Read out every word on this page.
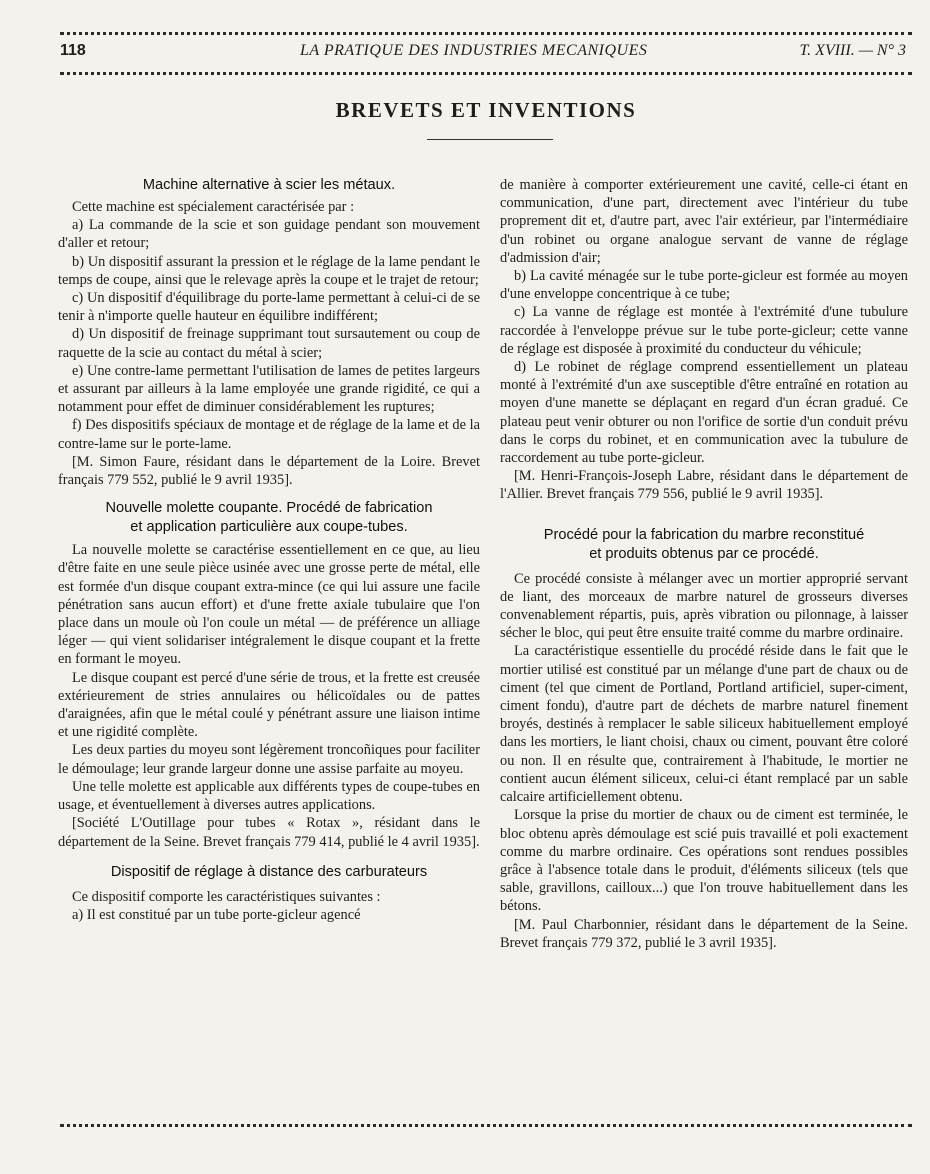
118	LA PRATIQUE DES INDUSTRIES MECANIQUES	T. XVIII. — N° 3
BREVETS ET INVENTIONS
Machine alternative à scier les métaux.

Cette machine est spécialement caractérisée par :

a) La commande de la scie et son guidage pendant son mouvement d'aller et retour;

b) Un dispositif assurant la pression et le réglage de la lame pendant le temps de coupe, ainsi que le relevage après la coupe et le trajet de retour;

c) Un dispositif d'équilibrage du porte-lame permettant à celui-ci de se tenir à n'importe quelle hauteur en équilibre indifférent;

d) Un dispositif de freinage supprimant tout sursautement ou coup de raquette de la scie au contact du métal à scier;

e) Une contre-lame permettant l'utilisation de lames de petites largeurs et assurant par ailleurs à la lame employée une grande rigidité, ce qui a notamment pour effet de diminuer considérablement les ruptures;

f) Des dispositifs spéciaux de montage et de réglage de la lame et de la contre-lame sur le porte-lame.

[M. Simon Faure, résidant dans le département de la Loire. Brevet français 779 552, publié le 9 avril 1935].

Nouvelle molette coupante. Procédé de fabrication
et application particulière aux coupe-tubes.

La nouvelle molette se caractérise essentiellement en ce que, au lieu d'être faite en une seule pièce usinée avec une grosse perte de métal, elle est formée d'un disque coupant extra-mince (ce qui lui assure une facile pénétration sans aucun effort) et d'une frette axiale tubulaire que l'on place dans un moule où l'on coule un métal — de préférence un alliage léger — qui vient solidariser intégralement le disque coupant et la frette en formant le moyeu.

Le disque coupant est percé d'une série de trous, et la frette est creusée extérieurement de stries annulaires ou hélicoïdales ou de pattes d'araignées, afin que le métal coulé y pénétrant assure une liaison intime et une rigidité complète.

Les deux parties du moyeu sont légèrement troncoñiques pour faciliter le démoulage; leur grande largeur donne une assise parfaite au moyeu.

Une telle molette est applicable aux différents types de coupe-tubes en usage, et éventuellement à diverses autres applications.

[Société L'Outillage pour tubes « Rotax », résidant dans le département de la Seine. Brevet français 779 414, publié le 4 avril 1935].

Dispositif de réglage à distance des carburateurs

Ce dispositif comporte les caractéristiques suivantes :

a) Il est constitué par un tube porte-gicleur agencé

de manière à comporter extérieurement une cavité, celle-ci étant en communication, d'une part, directement avec l'intérieur du tube proprement dit et, d'autre part, avec l'air extérieur, par l'intermédiaire d'un robinet ou organe analogue servant de vanne de réglage d'admission d'air;

b) La cavité ménagée sur le tube porte-gicleur est formée au moyen d'une enveloppe concentrique à ce tube;

c) La vanne de réglage est montée à l'extrémité d'une tubulure raccordée à l'enveloppe prévue sur le tube porte-gicleur; cette vanne de réglage est disposée à proximité du conducteur du véhicule;

d) Le robinet de réglage comprend essentiellement un plateau monté à l'extrémité d'un axe susceptible d'être entraîné en rotation au moyen d'une manette se déplaçant en regard d'un écran gradué. Ce plateau peut venir obturer ou non l'orifice de sortie d'un conduit prévu dans le corps du robinet, et en communication avec la tubulure de raccordement au tube porte-gicleur.

[M. Henri-François-Joseph Labre, résidant dans le département de l'Allier. Brevet français 779 556, publié le 9 avril 1935].

Procédé pour la fabrication du marbre reconstitué
et produits obtenus par ce procédé.

Ce procédé consiste à mélanger avec un mortier approprié servant de liant, des morceaux de marbre naturel de grosseurs diverses convenablement répartis, puis, après vibration ou pilonnage, à laisser sécher le bloc, qui peut être ensuite traité comme du marbre ordinaire.

La caractéristique essentielle du procédé réside dans le fait que le mortier utilisé est constitué par un mélange d'une part de chaux ou de ciment (tel que ciment de Portland, Portland artificiel, super-ciment, ciment fondu), d'autre part de déchets de marbre naturel finement broyés, destinés à remplacer le sable siliceux habituellement employé dans les mortiers, le liant choisi, chaux ou ciment, pouvant être coloré ou non. Il en résulte que, contrairement à l'habitude, le mortier ne contient aucun élément siliceux, celui-ci étant remplacé par un sable calcaire artificiellement obtenu.

Lorsque la prise du mortier de chaux ou de ciment est terminée, le bloc obtenu après démoulage est scié puis travaillé et poli exactement comme du marbre ordinaire. Ces opérations sont rendues possibles grâce à l'absence totale dans le produit, d'éléments siliceux (tels que sable, gravillons, cailloux...) que l'on trouve habituellement dans les bétons.

[M. Paul Charbonnier, résidant dans le département de la Seine. Brevet français 779 372, publié le 3 avril 1935].
